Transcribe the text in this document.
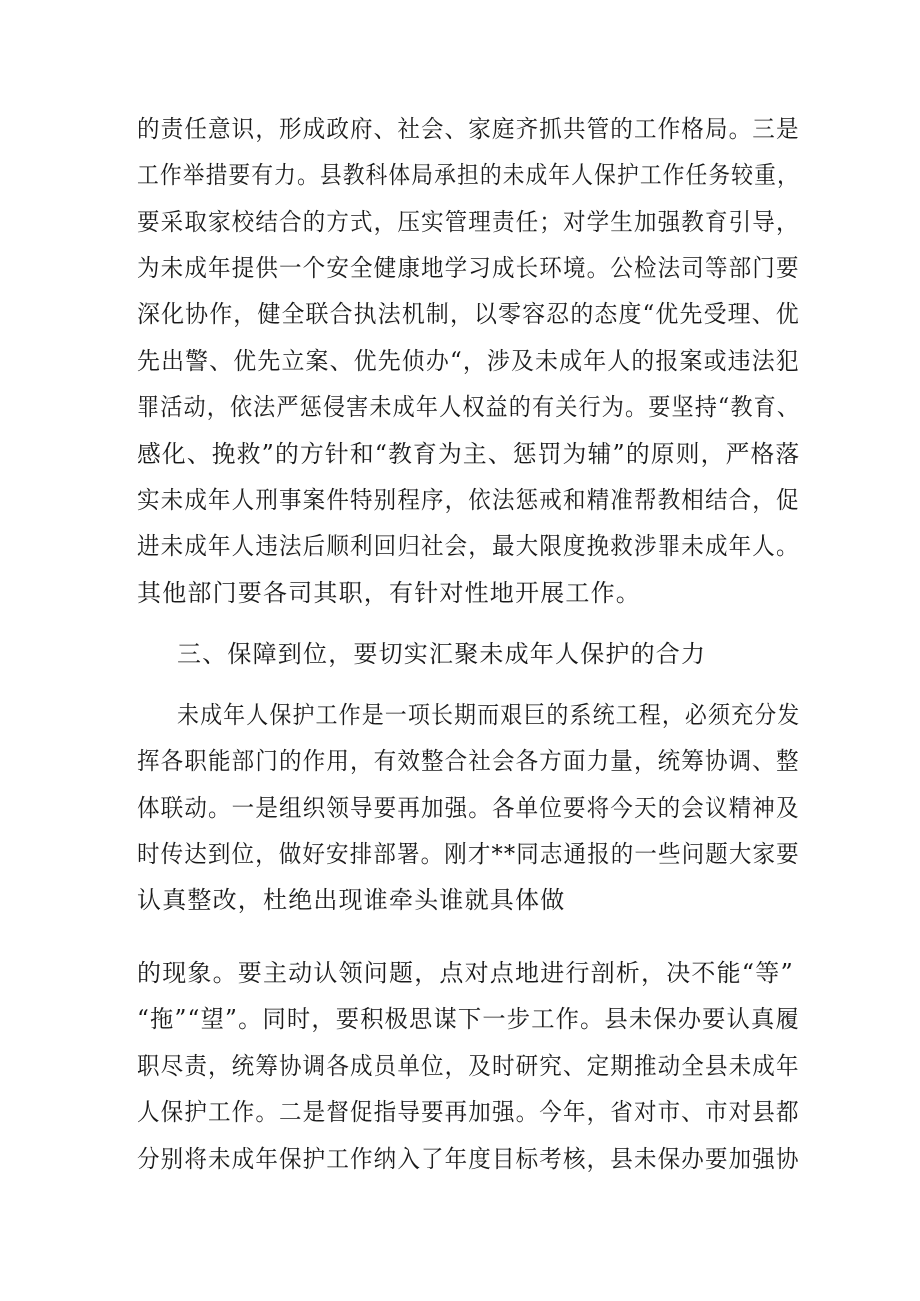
的责任意识，形成政府、社会、家庭齐抓共管的工作格局。三是
工作举措要有力。县教科体局承担的未成年人保护工作任务较重，
要采取家校结合的方式，压实管理责任；对学生加强教育引导，
为未成年提供一个安全健康地学习成长环境。公检法司等部门要
深化协作，健全联合执法机制，以零容忍的态度“优先受理、优
先出警、优先立案、优先侦办“，涉及未成年人的报案或违法犯
罪活动，依法严惩侵害未成年人权益的有关行为。要坚持“教育、
感化、挽救”的方针和“教育为主、惩罚为辅”的原则，严格落
实未成年人刑事案件特别程序，依法惩戒和精准帮教相结合，促
进未成年人违法后顺利回归社会，最大限度挽救涉罪未成年人。
其他部门要各司其职，有针对性地开展工作。
三、保障到位，要切实汇聚未成年人保护的合力
未成年人保护工作是一项长期而艰巨的系统工程，必须充分发
挥各职能部门的作用，有效整合社会各方面力量，统筹协调、整
体联动。一是组织领导要再加强。各单位要将今天的会议精神及
时传达到位，做好安排部署。刚才**同志通报的一些问题大家要
认真整改，杜绝出现谁牵头谁就具体做
的现象。要主动认领问题，点对点地进行剖析，决不能“等”
“拖”“望”。同时，要积极思谋下一步工作。县未保办要认真履
职尽责，统筹协调各成员单位，及时研究、定期推动全县未成年
人保护工作。二是督促指导要再加强。今年，省对市、市对县都
分别将未成年保护工作纳入了年度目标考核，县未保办要加强协
